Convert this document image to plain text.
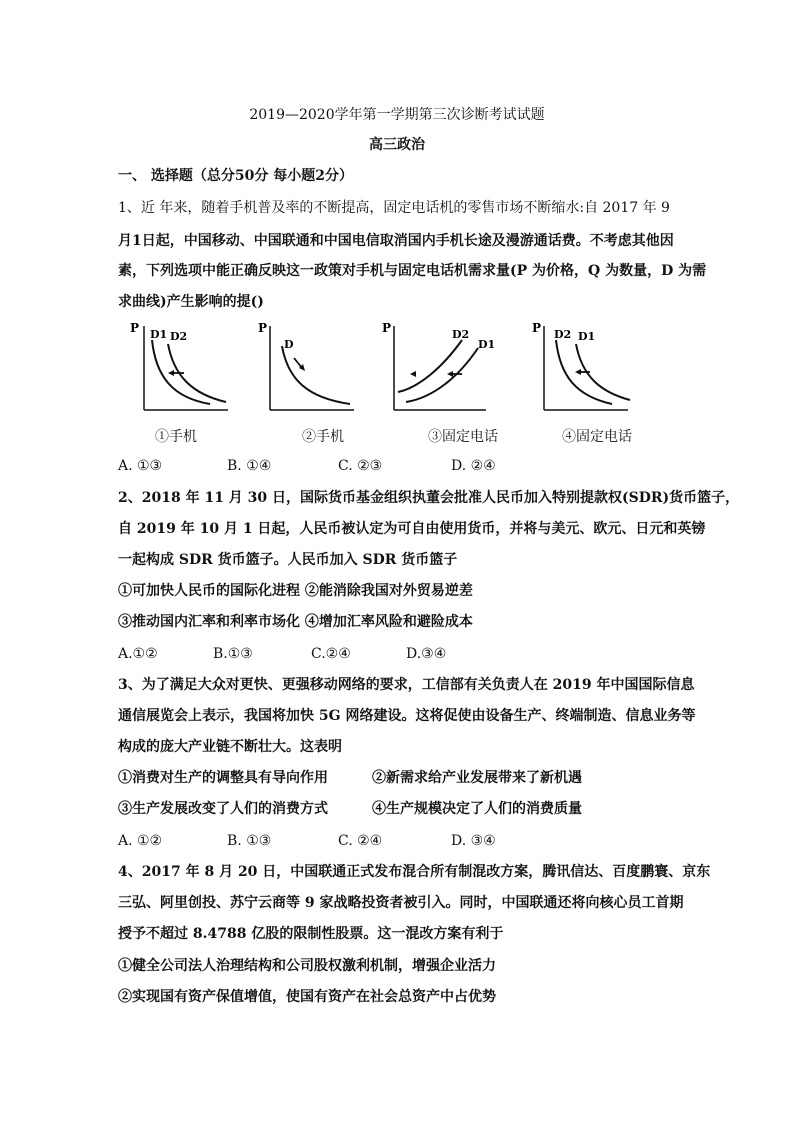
2019—2020学年第一学期第三次诊断考试试题
高三政治
一、 选择题（总分50分 每小题2分）
1、近 年来，随着手机普及率的不断提高，固定电话机的零售市场不断缩水:自 2017 年 9
月1日起，中国移动、中国联通和中国电信取消国内手机长途及漫游通话费。不考虑其他因
素，下列选项中能正确反映这一政策对手机与固定电话机需求量(P 为价格，Q 为数量，D 为需
求曲线)产生影响的提()
P D1 D2
P
D
P	D2
D1
P D2 D1
①手机	②手机	③固定电话	④固定电话
A. ①③	B. ①④	C. ②③	D. ②④
2、2018 年 11 月 30 日，国际货币基金组织执董会批准人民币加入特别提款权(SDR)货币篮子，
自 2019 年 10 月 1 日起，人民币被认定为可自由使用货币，并将与美元、欧元、日元和英镑
一起构成 SDR 货币篮子。人民币加入 SDR 货币篮子
①可加快人民币的国际化进程 ②能消除我国对外贸易逆差
③推动国内汇率和利率市场化 ④增加汇率风险和避险成本
A.①②	B.①③	C.②④	D.③④
3、为了满足大众对更快、更强移动网络的要求，工信部有关负责人在 2019 年中国国际信息
通信展览会上表示，我国将加快 5G 网络建设。这将促使由设备生产、终端制造、信息业务等
构成的庞大产业链不断壮大。这表明
①消费对生产的调整具有导向作用	②新需求给产业发展带来了新机遇
③生产发展改变了人们的消费方式	④生产规模决定了人们的消费质量
A. ①②	B. ①③	C. ②④	D. ③④
4、2017 年 8 月 20 日，中国联通正式发布混合所有制混改方案，腾讯信达、百度鹏寰、京东
三弘、阿里创投、苏宁云商等 9 家战略投资者被引入。同时，中国联通还将向核心员工首期
授予不超过 8.4788 亿股的限制性股票。这一混改方案有利于
①健全公司法人治理结构和公司股权激利机制，增强企业活力
②实现国有资产保值增值，使国有资产在社会总资产中占优势
